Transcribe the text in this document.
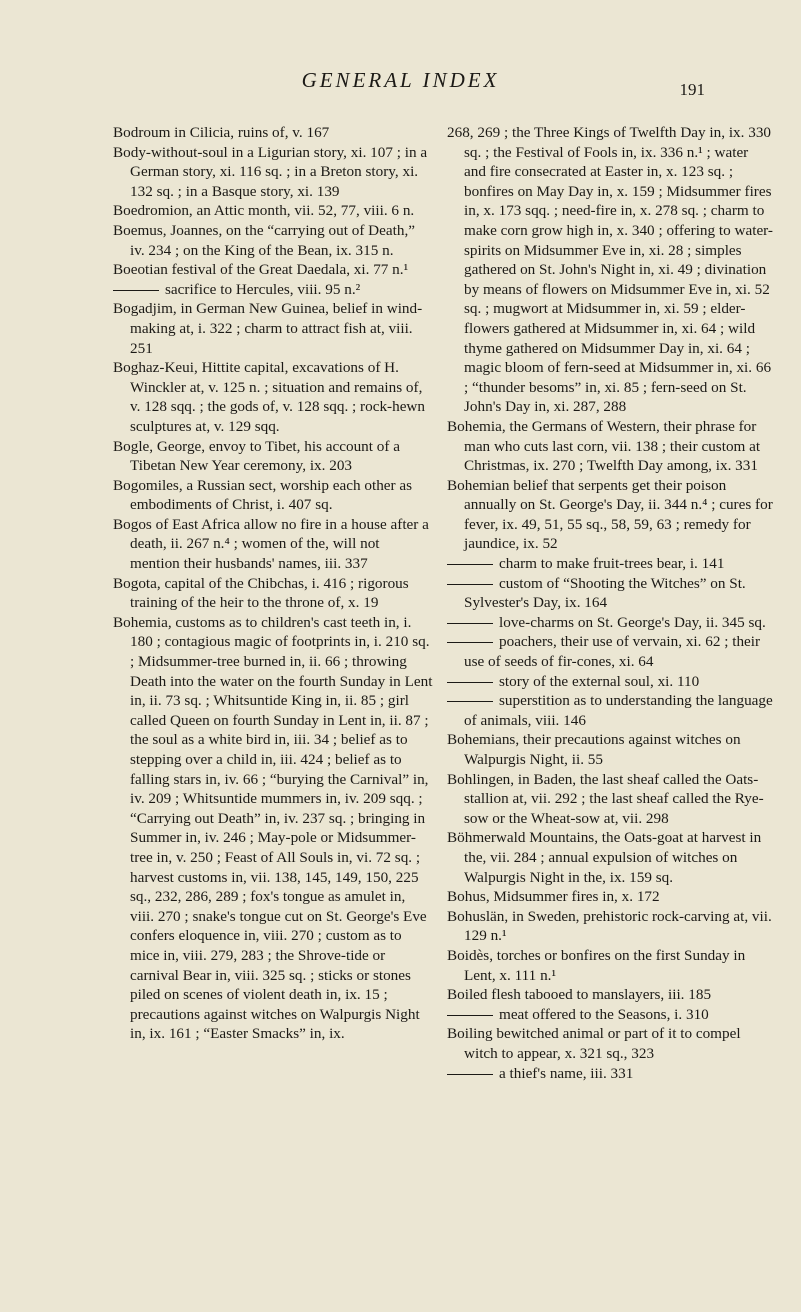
GENERAL INDEX	191

Bodroum in Cilicia, ruins of, v. 167

Body-without-soul in a Ligurian story, xi. 107 ; in a German story, xi. 116 sq. ; in a Breton story, xi. 132 sq. ; in a Basque story, xi. 139

Boedromion, an Attic month, vii. 52, 77, viii. 6 n.

Boemus, Joannes, on the “carrying out of Death,” iv. 234 ; on the King of the Bean, ix. 315 n.

Boeotian festival of the Great Daedala, xi. 77 n.¹

sacrifice to Hercules, viii. 95 n.²

Bogadjim, in German New Guinea, belief in wind-making at, i. 322 ; charm to attract fish at, viii. 251

Boghaz-Keui, Hittite capital, excavations of H. Winckler at, v. 125 n. ; situation and remains of, v. 128 sqq. ; the gods of, v. 128 sqq. ; rock-hewn sculptures at, v. 129 sqq.

Bogle, George, envoy to Tibet, his account of a Tibetan New Year ceremony, ix. 203

Bogomiles, a Russian sect, worship each other as embodiments of Christ, i. 407 sq.

Bogos of East Africa allow no fire in a house after a death, ii. 267 n.⁴ ; women of the, will not mention their husbands' names, iii. 337

Bogota, capital of the Chibchas, i. 416 ; rigorous training of the heir to the throne of, x. 19

Bohemia, customs as to children's cast teeth in, i. 180 ; contagious magic of footprints in, i. 210 sq. ; Midsummer-tree burned in, ii. 66 ; throwing Death into the water on the fourth Sunday in Lent in, ii. 73 sq. ; Whitsuntide King in, ii. 85 ; girl called Queen on fourth Sunday in Lent in, ii. 87 ; the soul as a white bird in, iii. 34 ; belief as to stepping over a child in, iii. 424 ; belief as to falling stars in, iv. 66 ; “burying the Carnival” in, iv. 209 ; Whitsuntide mummers in, iv. 209 sqq. ; “Carrying out Death” in, iv. 237 sq. ; bringing in Summer in, iv. 246 ; May-pole or Midsummer-tree in, v. 250 ; Feast of All Souls in, vi. 72 sq. ; harvest customs in, vii. 138, 145, 149, 150, 225 sq., 232, 286, 289 ; fox's tongue as amulet in, viii. 270 ; snake's tongue cut on St. George's Eve confers eloquence in, viii. 270 ; custom as to mice in, viii. 279, 283 ; the Shrove-tide or carnival Bear in, viii. 325 sq. ; sticks or stones piled on scenes of violent death in, ix. 15 ; precautions against witches on Walpurgis Night in, ix. 161 ; “Easter Smacks” in, ix.

268, 269 ; the Three Kings of Twelfth Day in, ix. 330 sq. ; the Festival of Fools in, ix. 336 n.¹ ; water and fire consecrated at Easter in, x. 123 sq. ; bonfires on May Day in, x. 159 ; Midsummer fires in, x. 173 sqq. ; need-fire in, x. 278 sq. ; charm to make corn grow high in, x. 340 ; offering to water-spirits on Midsummer Eve in, xi. 28 ; simples gathered on St. John's Night in, xi. 49 ; divination by means of flowers on Midsummer Eve in, xi. 52 sq. ; mugwort at Midsummer in, xi. 59 ; elder-flowers gathered at Midsummer in, xi. 64 ; wild thyme gathered on Midsummer Day in, xi. 64 ; magic bloom of fern-seed at Midsummer in, xi. 66 ; “thunder besoms” in, xi. 85 ; fern-seed on St. John's Day in, xi. 287, 288

Bohemia, the Germans of Western, their phrase for man who cuts last corn, vii. 138 ; their custom at Christmas, ix. 270 ; Twelfth Day among, ix. 331

Bohemian belief that serpents get their poison annually on St. George's Day, ii. 344 n.⁴ ; cures for fever, ix. 49, 51, 55 sq., 58, 59, 63 ; remedy for jaundice, ix. 52

charm to make fruit-trees bear, i. 141

custom of “Shooting the Witches” on St. Sylvester's Day, ix. 164

love-charms on St. George's Day, ii. 345 sq.

poachers, their use of vervain, xi. 62 ; their use of seeds of fir-cones, xi. 64

story of the external soul, xi. 110

superstition as to understanding the language of animals, viii. 146

Bohemians, their precautions against witches on Walpurgis Night, ii. 55

Bohlingen, in Baden, the last sheaf called the Oats-stallion at, vii. 292 ; the last sheaf called the Rye-sow or the Wheat-sow at, vii. 298

Böhmerwald Mountains, the Oats-goat at harvest in the, vii. 284 ; annual expulsion of witches on Walpurgis Night in the, ix. 159 sq.

Bohus, Midsummer fires in, x. 172

Bohuslän, in Sweden, prehistoric rock-carving at, vii. 129 n.¹

Boidès, torches or bonfires on the first Sunday in Lent, x. 111 n.¹

Boiled flesh tabooed to manslayers, iii. 185

meat offered to the Seasons, i. 310

Boiling bewitched animal or part of it to compel witch to appear, x. 321 sq., 323

a thief's name, iii. 331
